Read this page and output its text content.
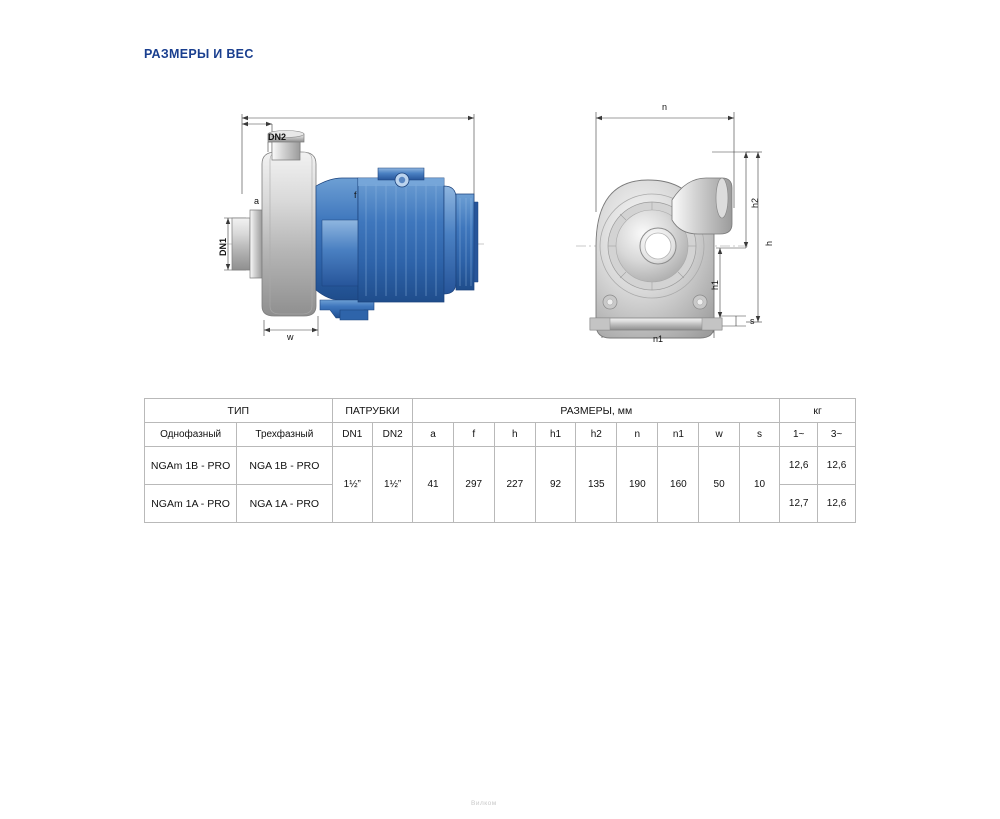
РАЗМЕРЫ И ВЕС
f
a
DN2
DN1
w
n
n1
h
h1
h2
s
ТИП		ПАТРУБКИ		РАЗМЕРЫ, мм									кг	
Однофазный	Трехфазный	DN1	DN2	a	f	h	h1	h2	n	n1	w	s	1~	3~
NGAm 1B - PRO	NGA 1B - PRO	1½”	1½”	41	297	227	92	135	190	160	50	10	12,6	12,6
NGAm 1A - PRO	NGA 1A - PRO												12,7	12,6
Вилком
